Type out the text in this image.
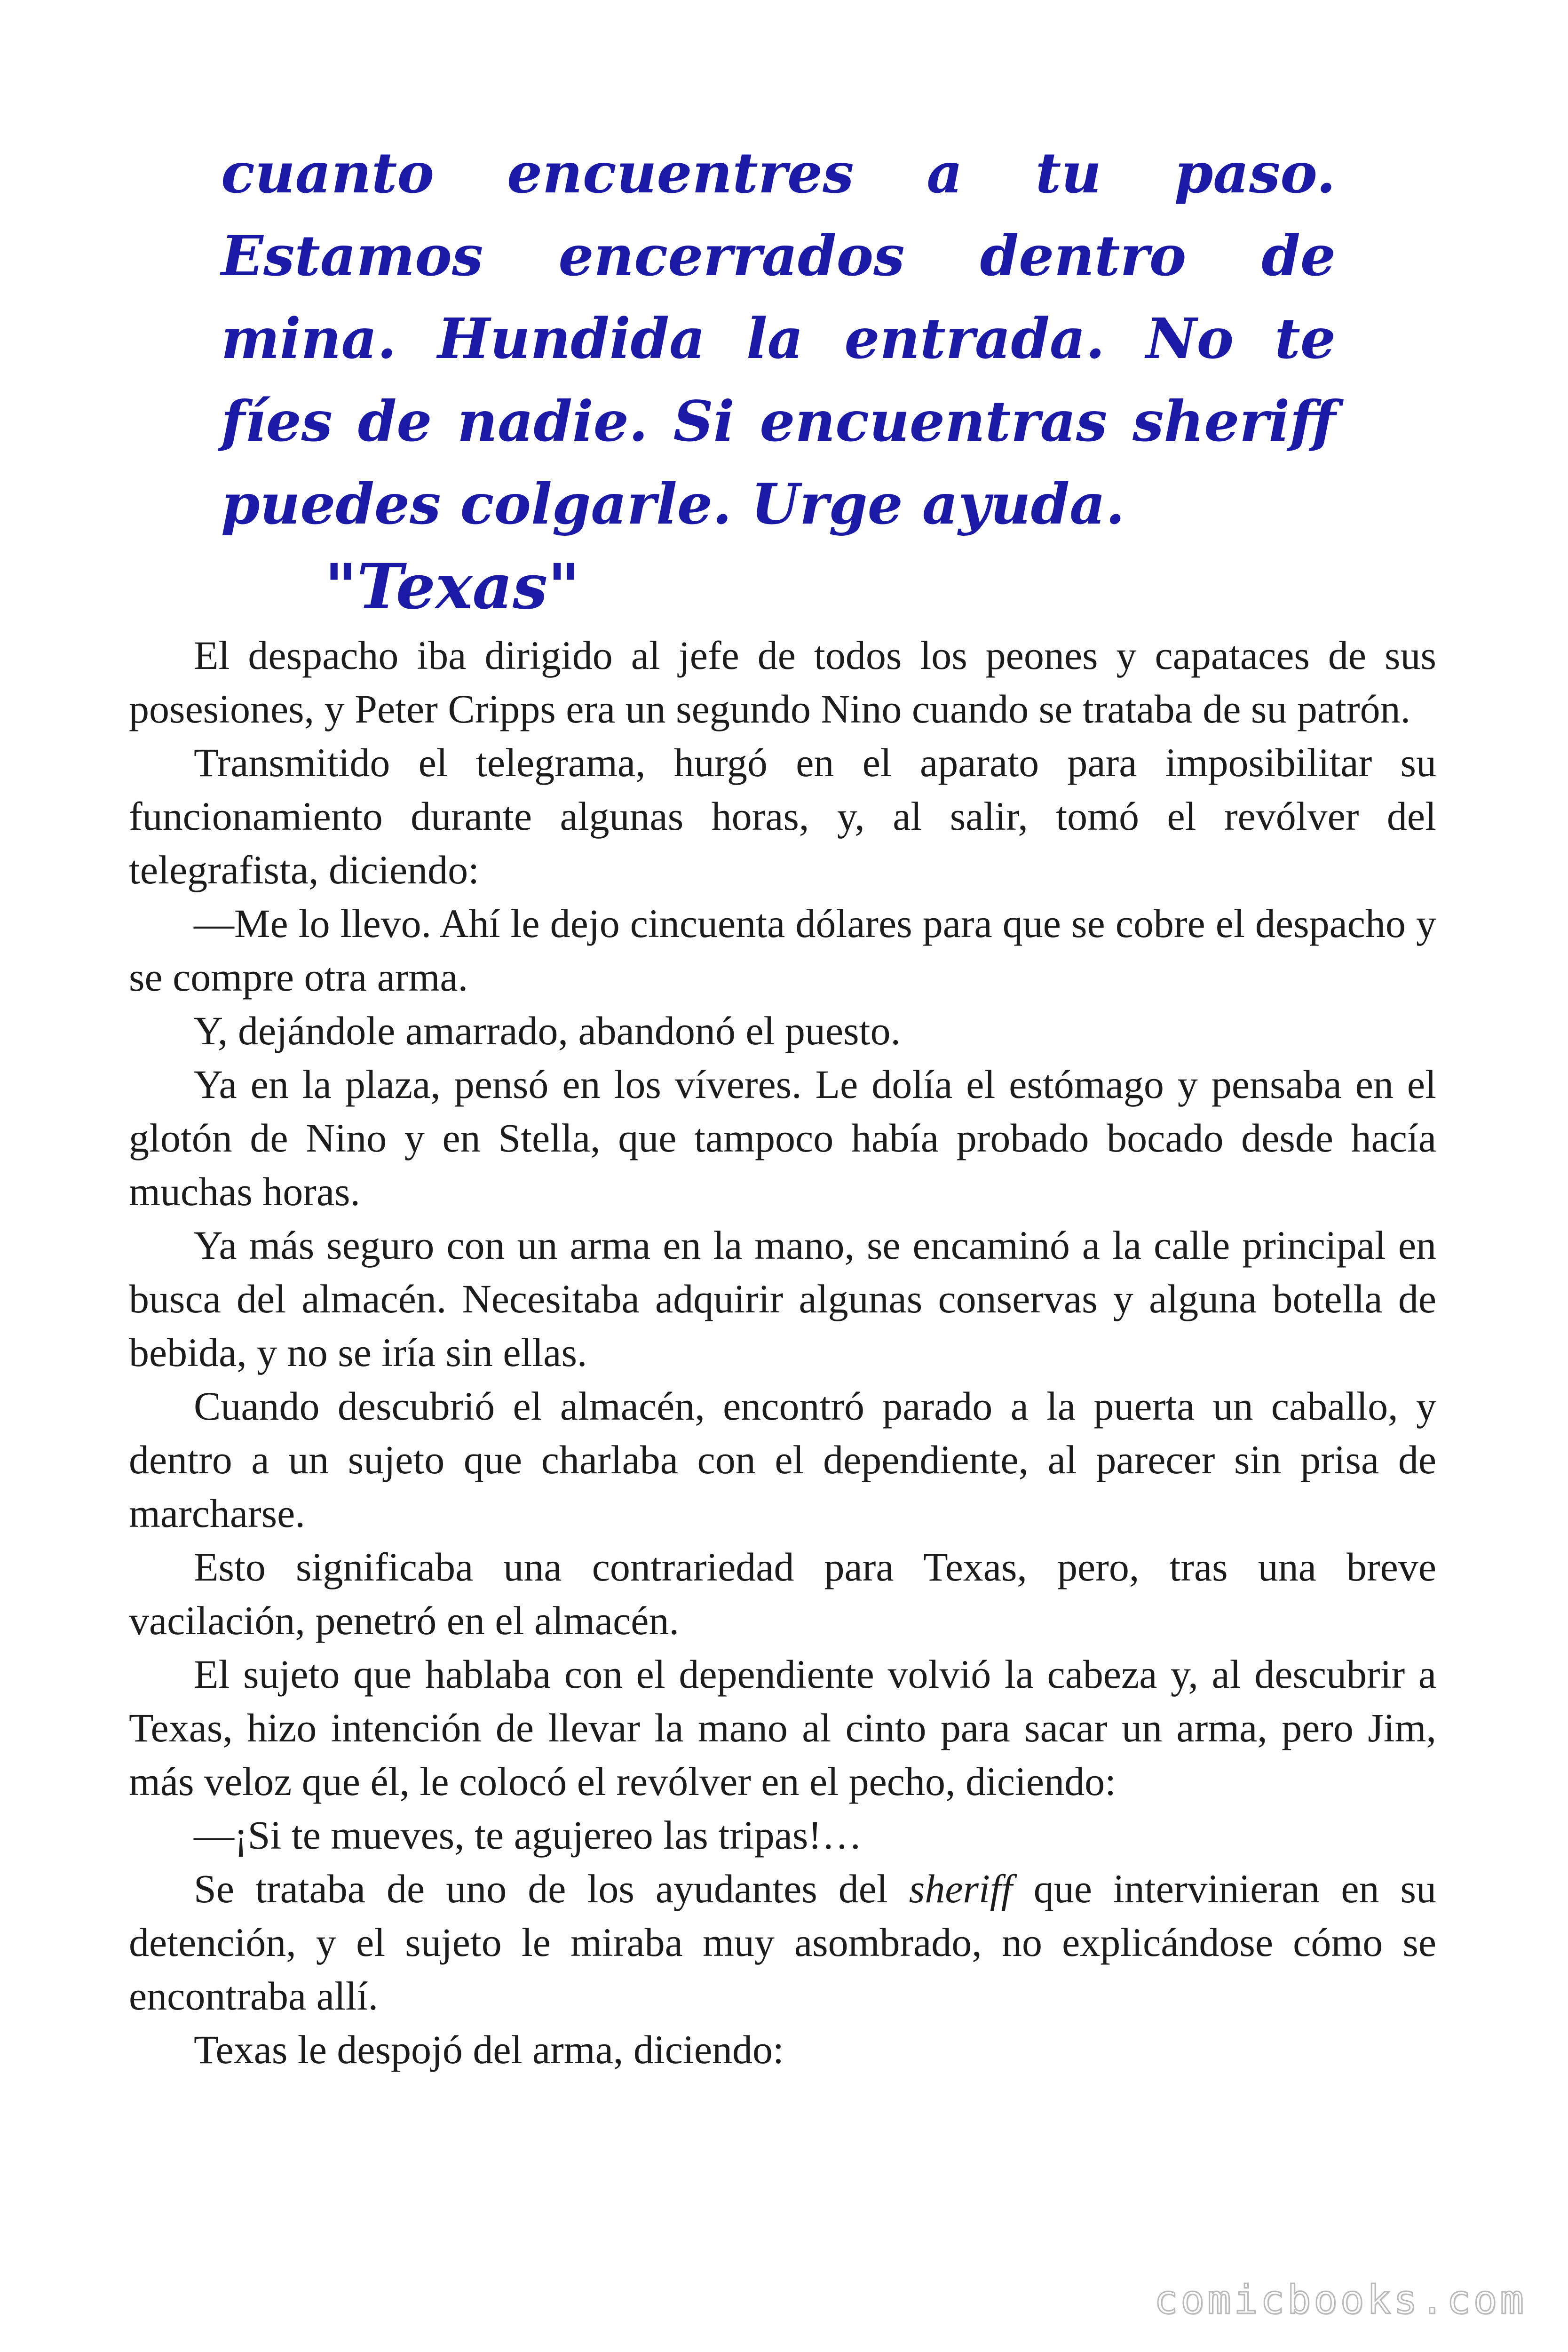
cuanto encuentres a tu paso. Estamos encerrados dentro de mina. Hundida la entrada. No te fíes de nadie. Si encuentras sheriff puedes colgarle. Urge ayuda.

"Texas"

El despacho iba dirigido al jefe de todos los peones y capataces de sus posesiones, y Peter Cripps era un segundo Nino cuando se trataba de su patrón.

Transmitido el telegrama, hurgó en el aparato para imposibilitar su funcionamiento durante algunas horas, y, al salir, tomó el revólver del telegrafista, diciendo:

—Me lo llevo. Ahí le dejo cincuenta dólares para que se cobre el despacho y se compre otra arma.

Y, dejándole amarrado, abandonó el puesto.

Ya en la plaza, pensó en los víveres. Le dolía el estómago y pensaba en el glotón de Nino y en Stella, que tampoco había probado bocado desde hacía muchas horas.

Ya más seguro con un arma en la mano, se encaminó a la calle principal en busca del almacén. Necesitaba adquirir algunas conservas y alguna botella de bebida, y no se iría sin ellas.

Cuando descubrió el almacén, encontró parado a la puerta un caballo, y dentro a un sujeto que charlaba con el dependiente, al parecer sin prisa de marcharse.

Esto significaba una contrariedad para Texas, pero, tras una breve vacilación, penetró en el almacén.

El sujeto que hablaba con el dependiente volvió la cabeza y, al descubrir a Texas, hizo intención de llevar la mano al cinto para sacar un arma, pero Jim, más veloz que él, le colocó el revólver en el pecho, diciendo:

—¡Si te mueves, te agujereo las tripas!…

Se trataba de uno de los ayudantes del sheriff que intervinieran en su detención, y el sujeto le miraba muy asombrado, no explicándose cómo se encontraba allí.

Texas le despojó del arma, diciendo:

comicbooks.com
